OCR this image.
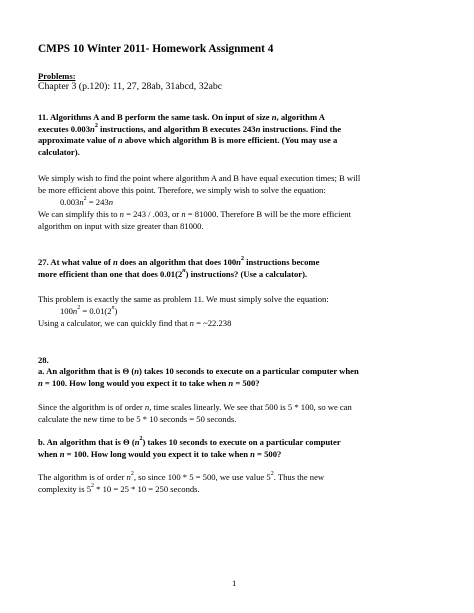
CMPS 10 Winter 2011- Homework Assignment 4
Problems:
Chapter 3 (p.120): 11, 27, 28ab, 31abcd, 32abc
11. Algorithms A and B perform the same task. On input of size n, algorithm A
executes $0.003n^2$ instructions, and algorithm B executes 243n instructions. Find the
approximate value of n above which algorithm B is more efficient. (You may use a
calculator).
We simply wish to find the point where algorithm A and B have equal execution times; B will
be more efficient above this point. Therefore, we simply wish to solve the equation:
$0.003n^2 = 243n$
We can simplify this to n = 243 / .003, or n = 81000. Therefore B will be the more efficient
algorithm on input with size greater than 81000.
27. At what value of n does an algorithm that does $100n^2$ instructions become
more efficient than one that does 0.01(2$^n$) instructions? (Use a calculator).
This problem is exactly the same as problem 11. We must simply solve the equation:
$100n^2 = 0.01(2^n)$
Using a calculator, we can quickly find that n = ~22.238
28.
a. An algorithm that is Θ (n) takes 10 seconds to execute on a particular computer when
n = 100. How long would you expect it to take when n = 500?
Since the algorithm is of order n, time scales linearly. We see that 500 is 5 * 100, so we can
calculate the new time to be 5 * 10 seconds = 50 seconds.
b. An algorithm that is Θ $(n^2)$ takes 10 seconds to execute on a particular computer
when n = 100. How long would you expect it to take when n = 500?
The algorithm is of order $n^2$, so since 100 * 5 = 500, we use value $5^2$. Thus the new
complexity is $5^2 * 10 = 25 * 10 = 250$ seconds.
1
